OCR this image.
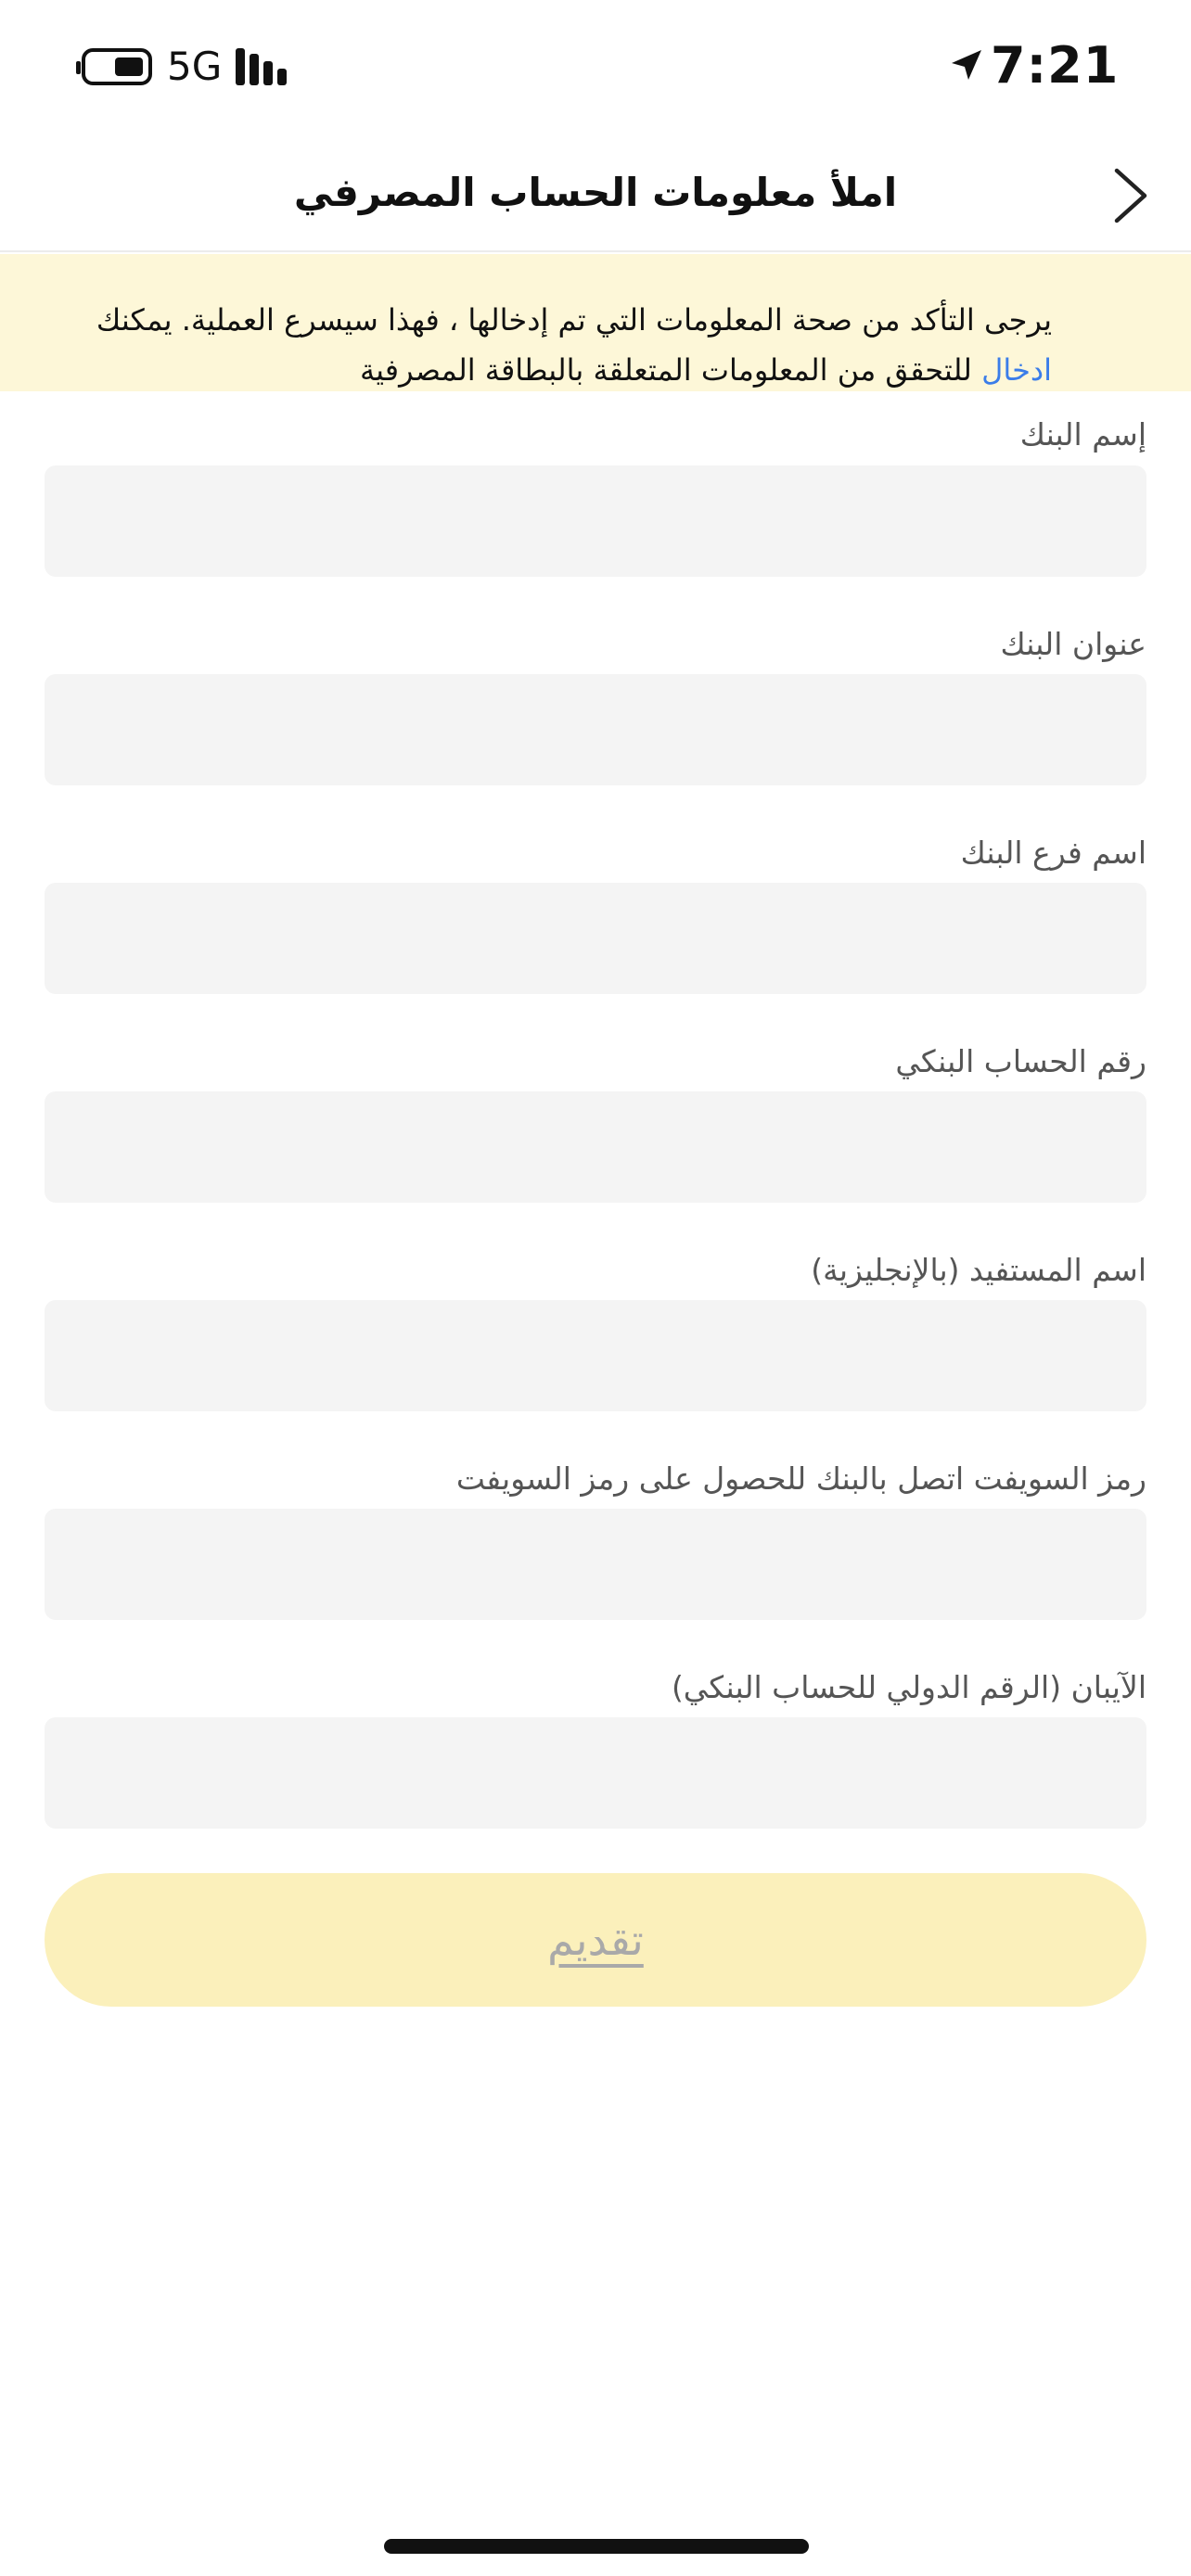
5G	7:21
املأ معلومات الحساب المصرفي
يرجى التأكد من صحة المعلومات التي تم إدخالها ، فهذا سيسرع العملية. يمكنك ادخال للتحقق من المعلومات المتعلقة بالبطاقة المصرفية
إسم البنك
عنوان البنك
اسم فرع البنك
رقم الحساب البنكي
اسم المستفيد (بالإنجليزية)
رمز السويفت اتصل بالبنك للحصول على رمز السويفت
الآيبان (الرقم الدولي للحساب البنكي)
تقديم
